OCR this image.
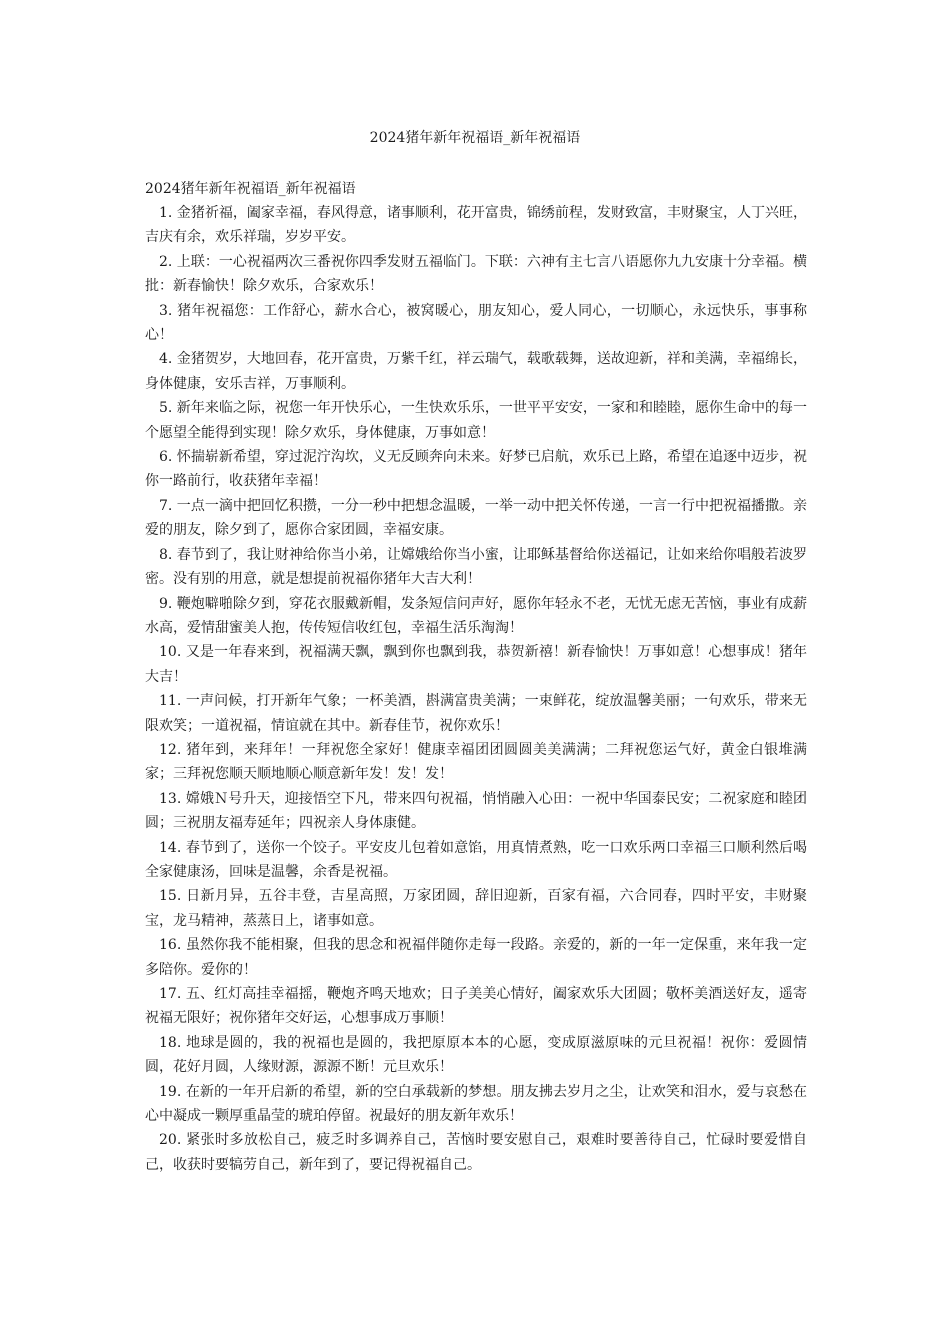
2024猪年新年祝福语_新年祝福语

2024猪年新年祝福语_新年祝福语

1. 金猪祈福，阖家幸福，春风得意，诸事顺利，花开富贵，锦绣前程，发财致富，丰财聚宝，人丁兴旺，吉庆有余，欢乐祥瑞，岁岁平安。

2. 上联：一心祝福两次三番祝你四季发财五福临门。下联：六神有主七言八语愿你九九安康十分幸福。横批：新春愉快！除夕欢乐，合家欢乐！

3. 猪年祝福您：工作舒心，薪水合心，被窝暖心，朋友知心，爱人同心，一切顺心，永远快乐，事事称心！

4. 金猪贺岁，大地回春，花开富贵，万紫千红，祥云瑞气，载歌载舞，送故迎新，祥和美满，幸福绵长，身体健康，安乐吉祥，万事顺利。

5. 新年来临之际，祝您一年开快乐心，一生快欢乐乐，一世平平安安，一家和和睦睦，愿你生命中的每一个愿望全能得到实现！除夕欢乐，身体健康，万事如意！

6. 怀揣崭新希望，穿过泥泞沟坎，义无反顾奔向未来。好梦已启航，欢乐已上路，希望在追逐中迈步，祝你一路前行，收获猪年幸福！

7. 一点一滴中把回忆积攒，一分一秒中把想念温暖，一举一动中把关怀传递，一言一行中把祝福播撒。亲爱的朋友，除夕到了，愿你合家团圆，幸福安康。

8. 春节到了，我让财神给你当小弟，让嫦娥给你当小蜜，让耶稣基督给你送福记，让如来给你唱般若波罗密。没有别的用意，就是想提前祝福你猪年大吉大利！

9. 鞭炮噼啪除夕到，穿花衣服戴新帽，发条短信问声好，愿你年轻永不老，无忧无虑无苦恼，事业有成薪水高，爱情甜蜜美人抱，传传短信收红包，幸福生活乐淘淘！

10. 又是一年春来到，祝福满天飘，飘到你也飘到我，恭贺新禧！新春愉快！万事如意！心想事成！猪年大吉！

11. 一声问候，打开新年气象；一杯美酒，斟满富贵美满；一束鲜花，绽放温馨美丽；一句欢乐，带来无限欢笑；一道祝福，情谊就在其中。新春佳节，祝你欢乐！

12. 猪年到，来拜年！一拜祝您全家好！健康幸福团团圆圆美美满满；二拜祝您运气好，黄金白银堆满家；三拜祝您顺天顺地顺心顺意新年发！发！发！

13. 嫦娥Ｎ号升天，迎接悟空下凡，带来四句祝福，悄悄融入心田：一祝中华国泰民安；二祝家庭和睦团圆；三祝朋友福寿延年；四祝亲人身体康健。

14. 春节到了，送你一个饺子。平安皮儿包着如意馅，用真情煮熟，吃一口欢乐两口幸福三口顺利然后喝全家健康汤，回味是温馨，余香是祝福。

15. 日新月异，五谷丰登，吉星高照，万家团圆，辞旧迎新，百家有福，六合同春，四时平安，丰财聚宝，龙马精神，蒸蒸日上，诸事如意。

16. 虽然你我不能相聚，但我的思念和祝福伴随你走每一段路。亲爱的，新的一年一定保重，来年我一定多陪你。爱你的！

17. 五、红灯高挂幸福摇，鞭炮齐鸣天地欢；日子美美心情好，阖家欢乐大团圆；敬杯美酒送好友，遥寄祝福无限好；祝你猪年交好运，心想事成万事顺！

18. 地球是圆的，我的祝福也是圆的，我把原原本本的心愿，变成原滋原味的元旦祝福！祝你：爱圆情圆，花好月圆，人缘财源，源源不断！元旦欢乐！

19. 在新的一年开启新的希望，新的空白承载新的梦想。朋友拂去岁月之尘，让欢笑和泪水，爱与哀愁在心中凝成一颗厚重晶莹的琥珀停留。祝最好的朋友新年欢乐！

20. 紧张时多放松自己，疲乏时多调养自己，苦恼时要安慰自己，艰难时要善待自己，忙碌时要爱惜自己，收获时要犒劳自己，新年到了，要记得祝福自己。
